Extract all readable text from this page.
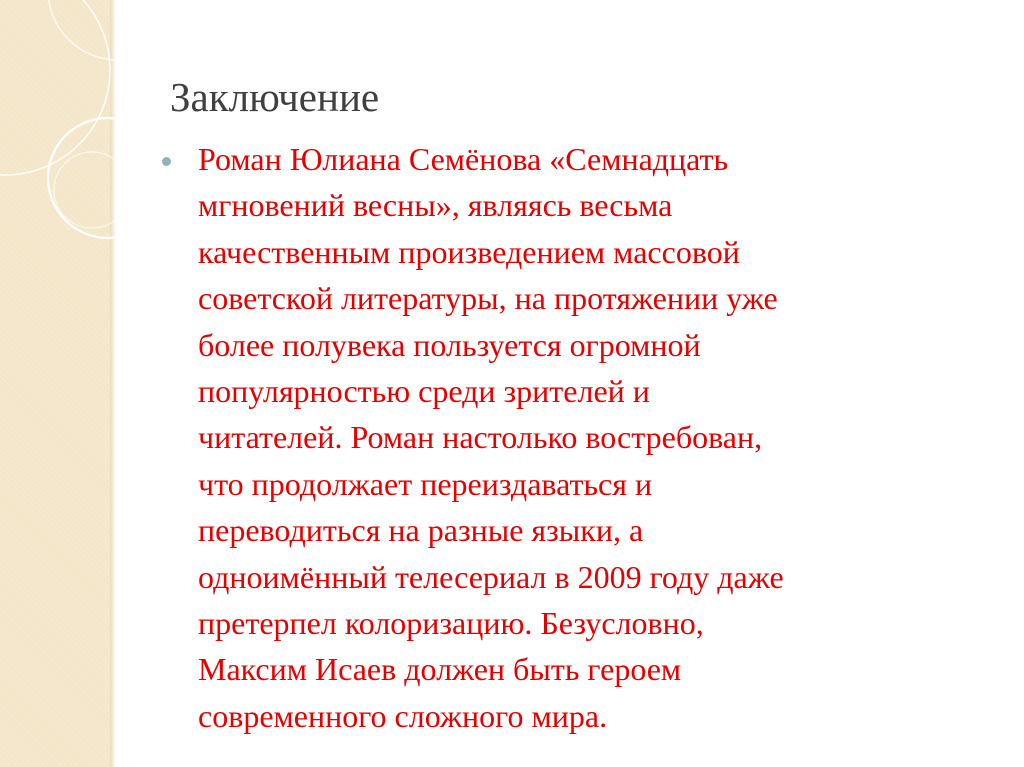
Заключение
Роман Юлиана Семёнова «Семнадцать
мгновений весны», являясь весьма
качественным произведением массовой
советской литературы, на протяжении уже
более полувека пользуется огромной
популярностью среди зрителей и
читателей. Роман настолько востребован,
что продолжает переиздаваться и
переводиться на разные языки, а
одноимённый телесериал в 2009 году даже
претерпел колоризацию. Безусловно,
Максим Исаев должен быть героем
современного сложного мира.
